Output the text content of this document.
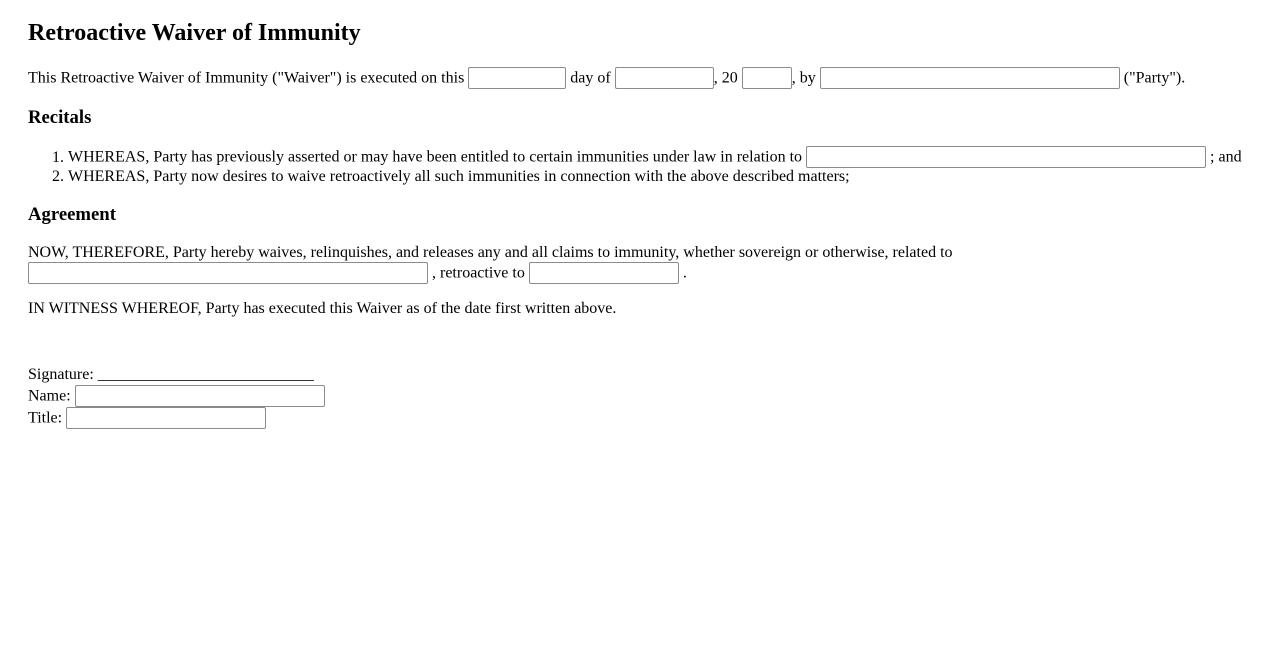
Retroactive Waiver of Immunity

This Retroactive Waiver of Immunity ("Waiver") is executed on this	day of	, 20	, by	("Party").

Recitals
1. WHEREAS, Party has previously asserted or may have been entitled to certain immunities under law in relation to	; and
2. WHEREAS, Party now desires to waive retroactively all such immunities in connection with the above described matters;
Agreement

NOW, THEREFORE, Party hereby waives, relinquishes, and releases any and all claims to immunity, whether sovereign or otherwise, related to  , retroactive to	.

IN WITNESS WHEREOF, Party has executed this Waiver as of the date first written above.

Signature: ___________________________
Name:
Title:
